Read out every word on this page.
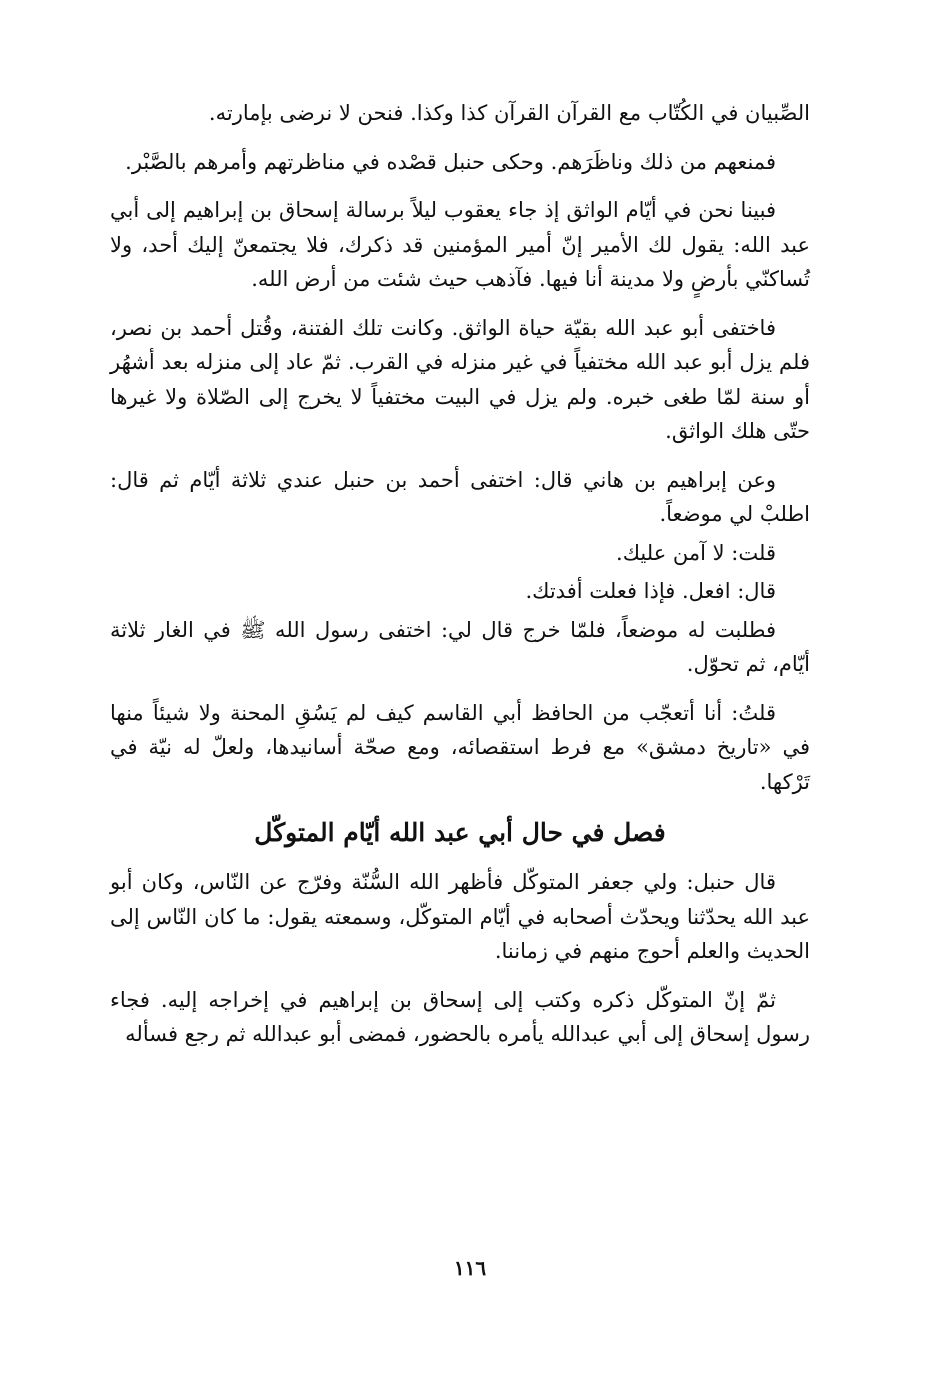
الصِّبيان في الكُتّاب مع القرآن القرآن كذا وكذا. فنحن لا نرضى بإمارته.

فمنعهم من ذلك وناظَرَهم. وحكى حنبل قصْده في مناظرتهم وأمرهم بالصَّبْر.

فبينا نحن في أيّام الواثق إذ جاء يعقوب ليلاً برسالة إسحاق بن إبراهيم إلى أبي عبد الله: يقول لك الأمير إنّ أمير المؤمنين قد ذكرك، فلا يجتمعنّ إليك أحد، ولا تُساكنّي بأرضٍ ولا مدينة أنا فيها. فآذهب حيث شئت من أرض الله.

فاختفى أبو عبد الله بقيّة حياة الواثق. وكانت تلك الفتنة، وقُتل أحمد بن نصر، فلم يزل أبو عبد الله مختفياً في غير منزله في القرب. ثمّ عاد إلى منزله بعد أشهُر أو سنة لمّا طغى خبره. ولم يزل في البيت مختفياً لا يخرج إلى الصّلاة ولا غيرها حتّى هلك الواثق.

وعن إبراهيم بن هاني قال: اختفى أحمد بن حنبل عندي ثلاثة أيّام ثم قال: اطلبْ لي موضعاً.

قلت: لا آمن عليك.

قال: افعل. فإذا فعلت أفدتك.

فطلبت له موضعاً، فلمّا خرج قال لي: اختفى رسول الله ﷺ في الغار ثلاثة أيّام، ثم تحوّل.

قلتُ: أنا أتعجّب من الحافظ أبي القاسم كيف لم يَسُقِ المحنة ولا شيئاً منها في «تاريخ دمشق» مع فرط استقصائه، ومع صحّة أسانيدها، ولعلّ له نيّة في تَرْكها.

فصل في حال أبي عبد الله أيّام المتوكّل

قال حنبل: ولي جعفر المتوكّل فأظهر الله السُّنّة وفرّج عن النّاس، وكان أبو عبد الله يحدّثنا ويحدّث أصحابه في أيّام المتوكّل، وسمعته يقول: ما كان النّاس إلى الحديث والعلم أحوج منهم في زماننا.

ثمّ إنّ المتوكّل ذكره وكتب إلى إسحاق بن إبراهيم في إخراجه إليه. فجاء رسول إسحاق إلى أبي عبدالله يأمره بالحضور، فمضى أبو عبدالله ثم رجع فسأله

١١٦
